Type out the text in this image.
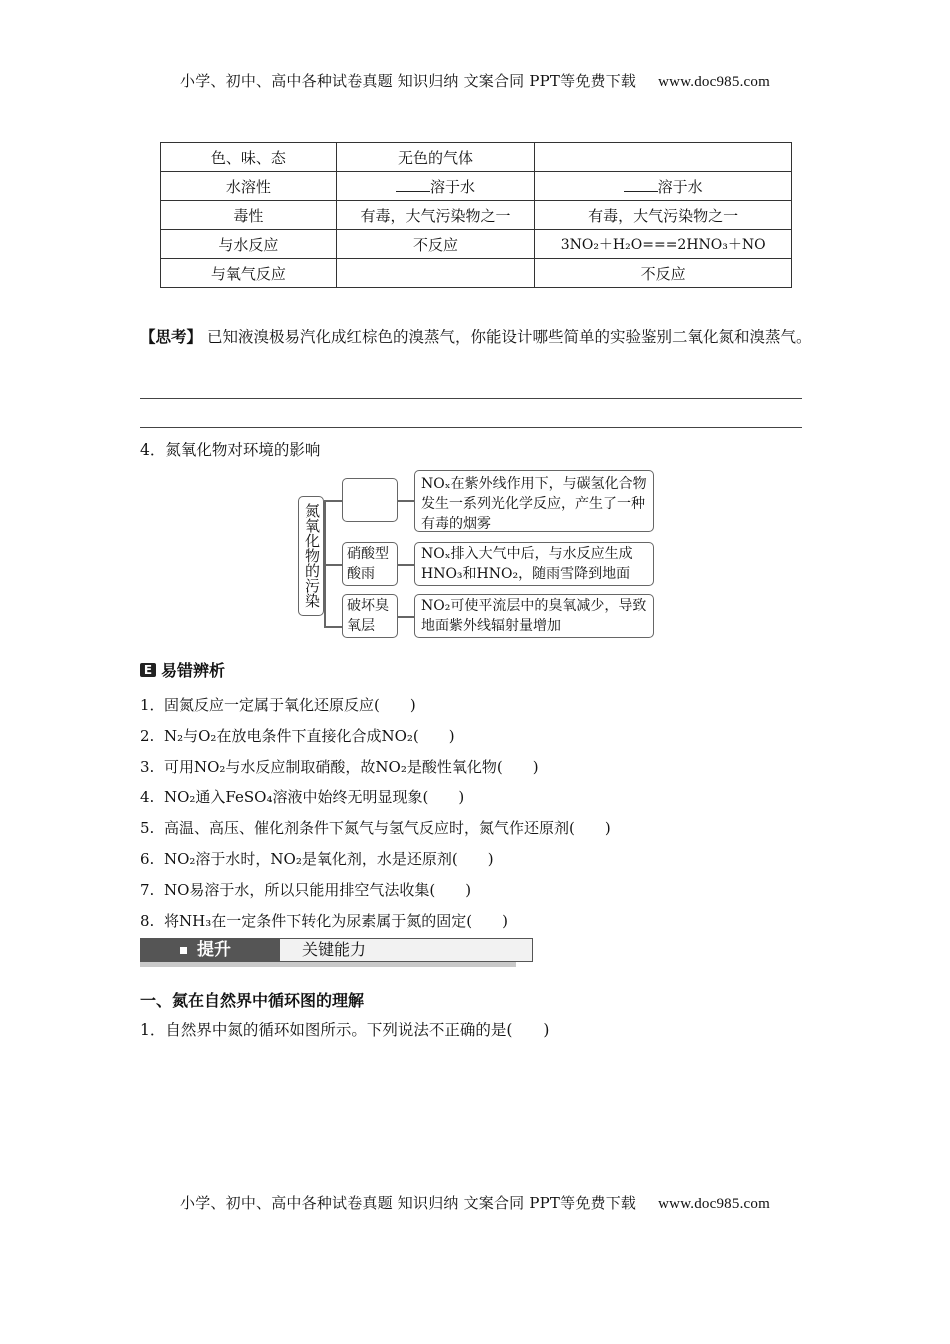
小学、初中、高中各种试卷真题 知识归纳 文案合同 PPT等免费下载 www.doc985.com
色、味、态	无色的气体	
水溶性	溶于水	溶于水
毒性	有毒，大气污染物之一	有毒，大气污染物之一
与水反应	不反应	3NO₂＋H₂O===2HNO₃＋NO
与氧气反应		不反应
【思考】 已知液溴极易汽化成红棕色的溴蒸气，你能设计哪些简单的实验鉴别二氧化氮和溴蒸气。
4．氮氧化物对环境的影响
氮氧化物的污染
NOₓ在紫外线作用下，与碳氢化合物发生一系列光化学反应，产生了一种有毒的烟雾
硝酸型酸雨
NOₓ排入大气中后，与水反应生成HNO₃和HNO₂，随雨雪降到地面
破坏臭氧层
NO₂可使平流层中的臭氧减少，导致地面紫外线辐射量增加
E 易错辨析
1．固氮反应一定属于氧化还原反应(　　)
2. N₂与O₂在放电条件下直接化合成NO₂(　　)
3. 可用NO₂与水反应制取硝酸，故NO₂是酸性氧化物(　　)
4. NO₂通入FeSO₄溶液中始终无明显现象(　　)
5. 高温、高压、催化剂条件下氮气与氢气反应时，氮气作还原剂(　　)
6. NO₂溶于水时，NO₂是氧化剂，水是还原剂(　　)
7. NO易溶于水，所以只能用排空气法收集(　　)
8. 将NH₃在一定条件下转化为尿素属于氮的固定(　　)
提升	关键能力
一、氮在自然界中循环图的理解
1．自然界中氮的循环如图所示。下列说法不正确的是(　　)
小学、初中、高中各种试卷真题 知识归纳 文案合同 PPT等免费下载 www.doc985.com
